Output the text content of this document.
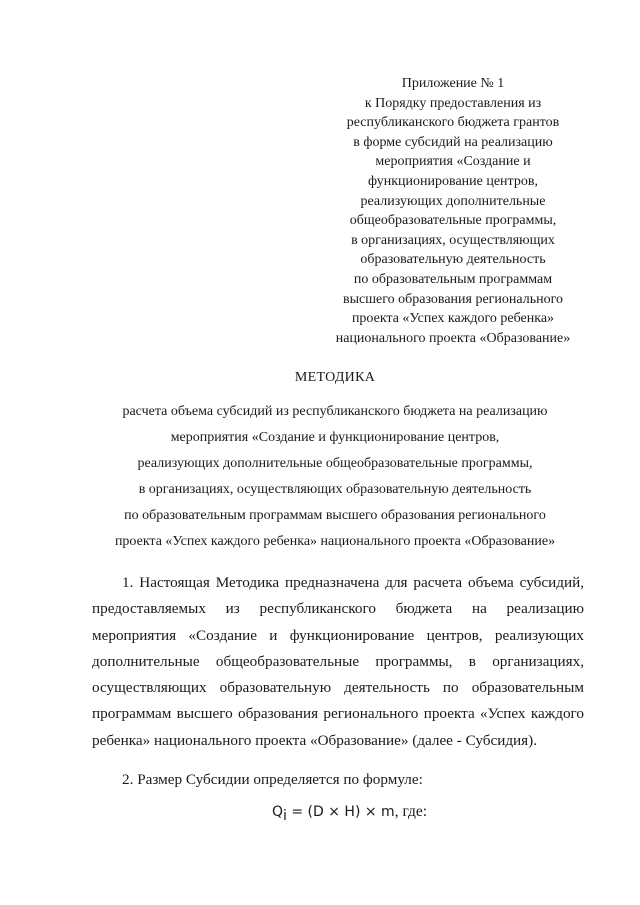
Приложение № 1
к Порядку предоставления из
республиканского бюджета грантов
в форме субсидий на реализацию
мероприятия «Создание и
функционирование центров,
реализующих дополнительные
общеобразовательные программы,
в организациях, осуществляющих
образовательную деятельность
по образовательным программам
высшего образования регионального
проекта «Успех каждого ребенка»
национального проекта «Образование»
МЕТОДИКА
расчета объема субсидий из республиканского бюджета на реализацию
мероприятия «Создание и функционирование центров,
реализующих дополнительные общеобразовательные программы,
в организациях, осуществляющих образовательную деятельность
по образовательным программам высшего образования регионального
проекта «Успех каждого ребенка» национального проекта «Образование»
1. Настоящая Методика предназначена для расчета объема субсидий,
предоставляемых из республиканского бюджета на реализацию
мероприятия «Создание и функционирование центров, реализующих
дополнительные общеобразовательные программы, в организациях,
осуществляющих образовательную деятельность по образовательным
программам высшего образования регионального проекта «Успех каждого
ребенка» национального проекта «Образование» (далее - Субсидия).
2. Размер Субсидии определяется по формуле:
$Q_i = (D \times H) \times m$, где:
